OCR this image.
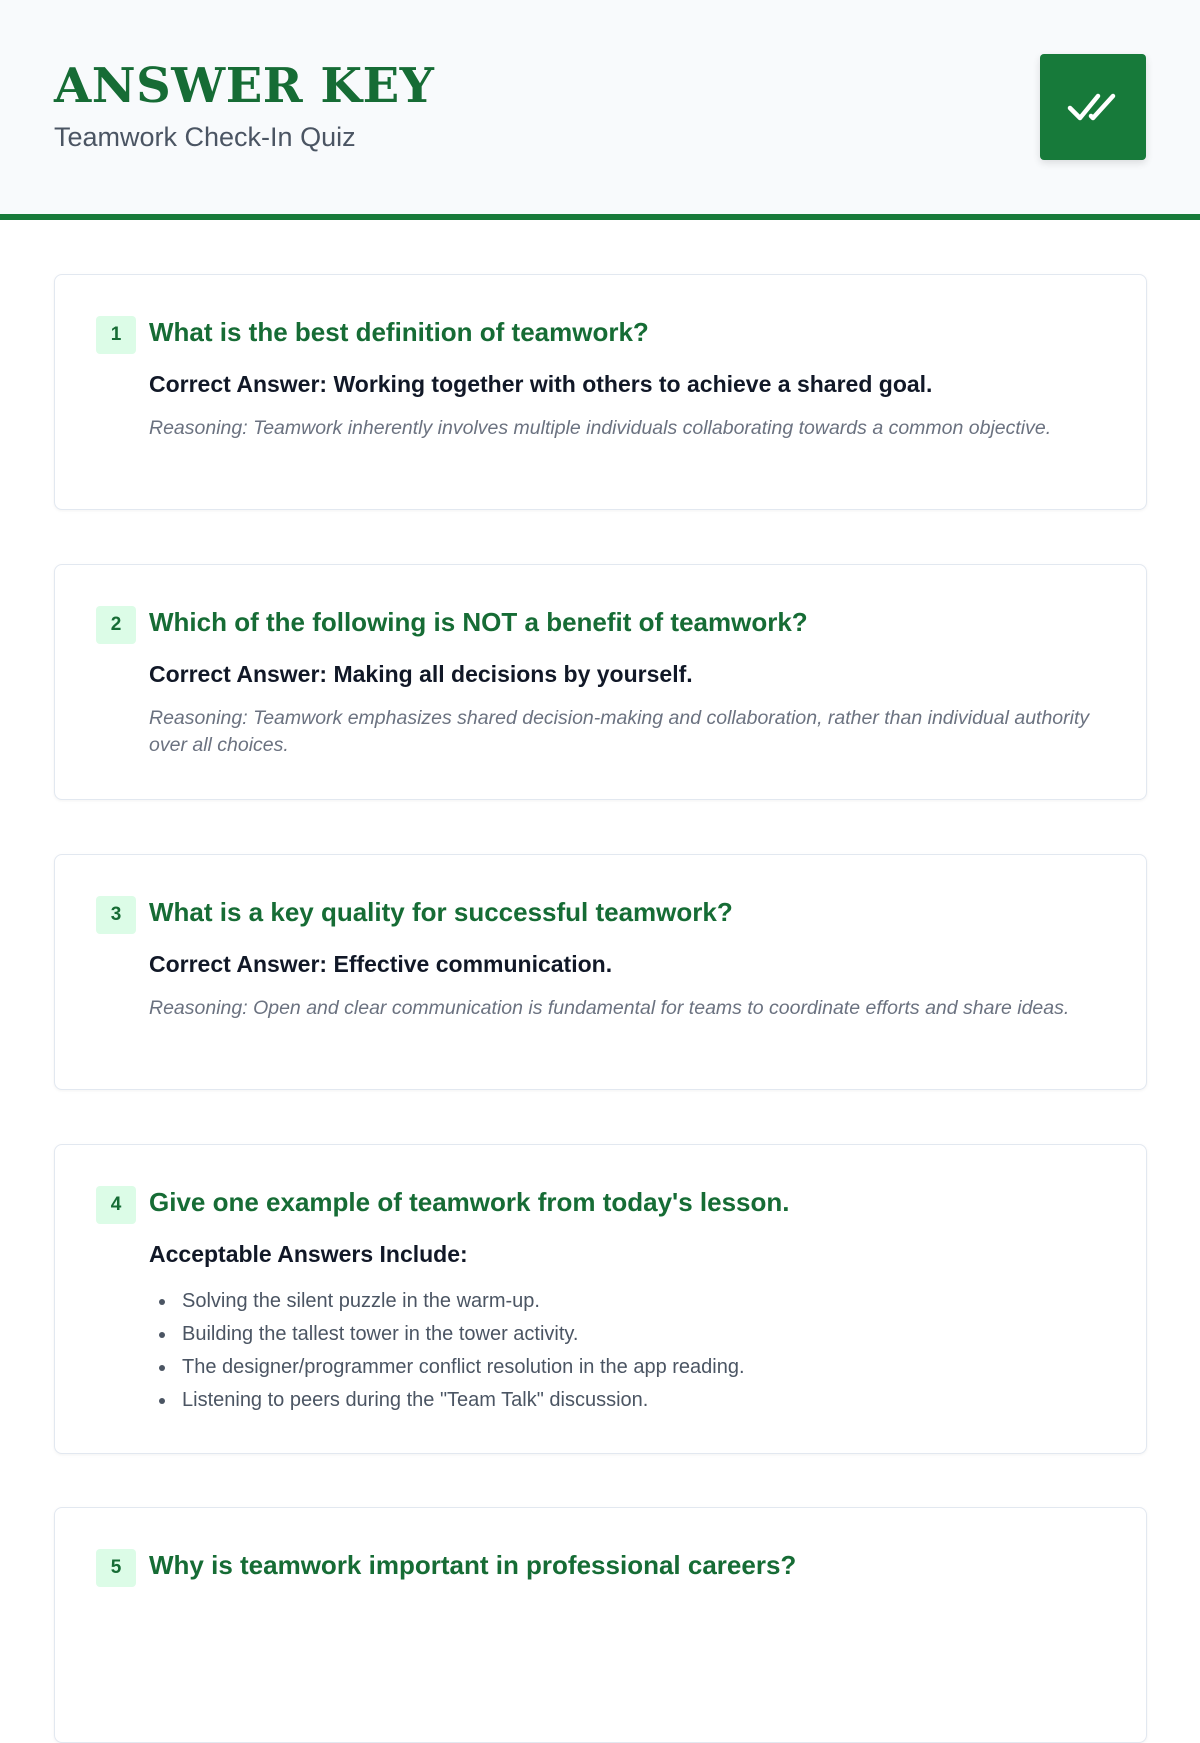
ANSWER KEY
Teamwork Check-In Quiz
1	What is the best definition of teamwork?
Correct Answer: Working together with others to achieve a shared goal.
Reasoning: Teamwork inherently involves multiple individuals collaborating towards a common objective.
2	Which of the following is NOT a benefit of teamwork?
Correct Answer: Making all decisions by yourself.
Reasoning: Teamwork emphasizes shared decision-making and collaboration, rather than individual authority over all choices.
3	What is a key quality for successful teamwork?
Correct Answer: Effective communication.
Reasoning: Open and clear communication is fundamental for teams to coordinate efforts and share ideas.
4	Give one example of teamwork from today's lesson.
Acceptable Answers Include:
Solving the silent puzzle in the warm-up.
Building the tallest tower in the tower activity.
The designer/programmer conflict resolution in the app reading.
Listening to peers during the "Team Talk" discussion.
5	Why is teamwork important in professional careers?
